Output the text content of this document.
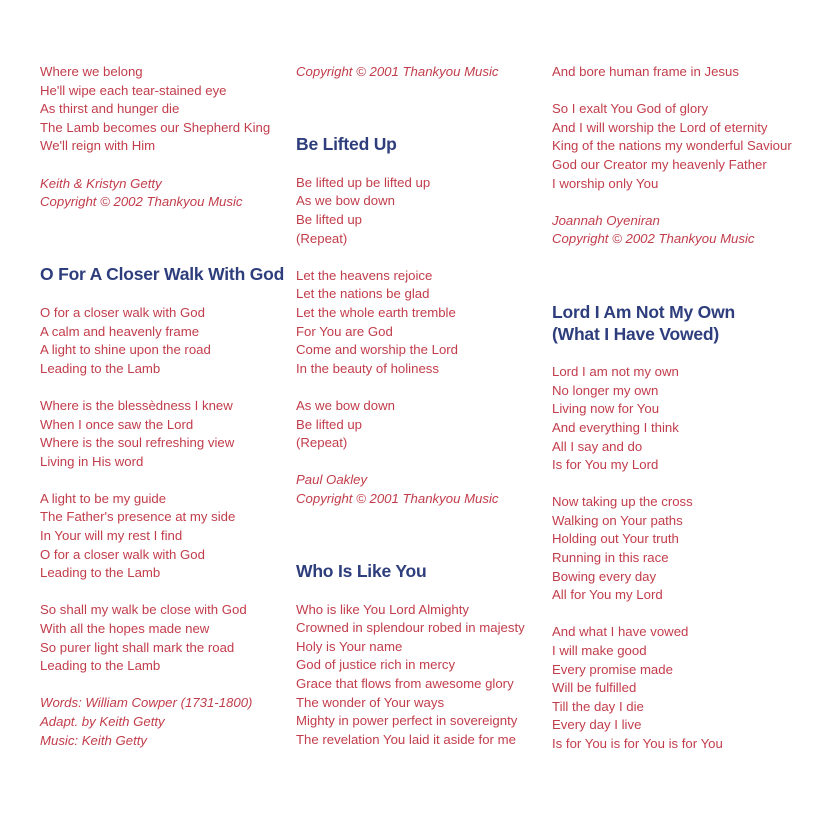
Where we belong
He'll wipe each tear-stained eye
As thirst and hunger die
The Lamb becomes our Shepherd King
We'll reign with Him
Keith & Kristyn Getty
Copyright © 2002 Thankyou Music
O For A Closer Walk With God
O for a closer walk with God
A calm and heavenly frame
A light to shine upon the road
Leading to the Lamb
Where is the blessèdness I knew
When I once saw the Lord
Where is the soul refreshing view
Living in His word
A light to be my guide
The Father's presence at my side
In Your will my rest I find
O for a closer walk with God
Leading to the Lamb
So shall my walk be close with God
With all the hopes made new
So purer light shall mark the road
Leading to the Lamb
Words: William Cowper (1731-1800)
Adapt. by Keith Getty
Music: Keith Getty
Copyright © 2001 Thankyou Music
Be Lifted Up
Be lifted up be lifted up
As we bow down
Be lifted up
(Repeat)
Let the heavens rejoice
Let the nations be glad
Let the whole earth tremble
For You are God
Come and worship the Lord
In the beauty of holiness
As we bow down
Be lifted up
(Repeat)
Paul Oakley
Copyright © 2001 Thankyou Music
Who Is Like You
Who is like You Lord Almighty
Crowned in splendour robed in majesty
Holy is Your name
God of justice rich in mercy
Grace that flows from awesome glory
The wonder of Your ways
Mighty in power perfect in sovereignty
The revelation You laid it aside for me
And bore human frame in Jesus
So I exalt You God of glory
And I will worship the Lord of eternity
King of the nations my wonderful Saviour
God our Creator my heavenly Father
I worship only You
Joannah Oyeniran
Copyright © 2002 Thankyou Music
Lord I Am Not My Own
(What I Have Vowed)
Lord I am not my own
No longer my own
Living now for You
And everything I think
All I say and do
Is for You my Lord
Now taking up the cross
Walking on Your paths
Holding out Your truth
Running in this race
Bowing every day
All for You my Lord
And what I have vowed
I will make good
Every promise made
Will be fulfilled
Till the day I die
Every day I live
Is for You is for You is for You
